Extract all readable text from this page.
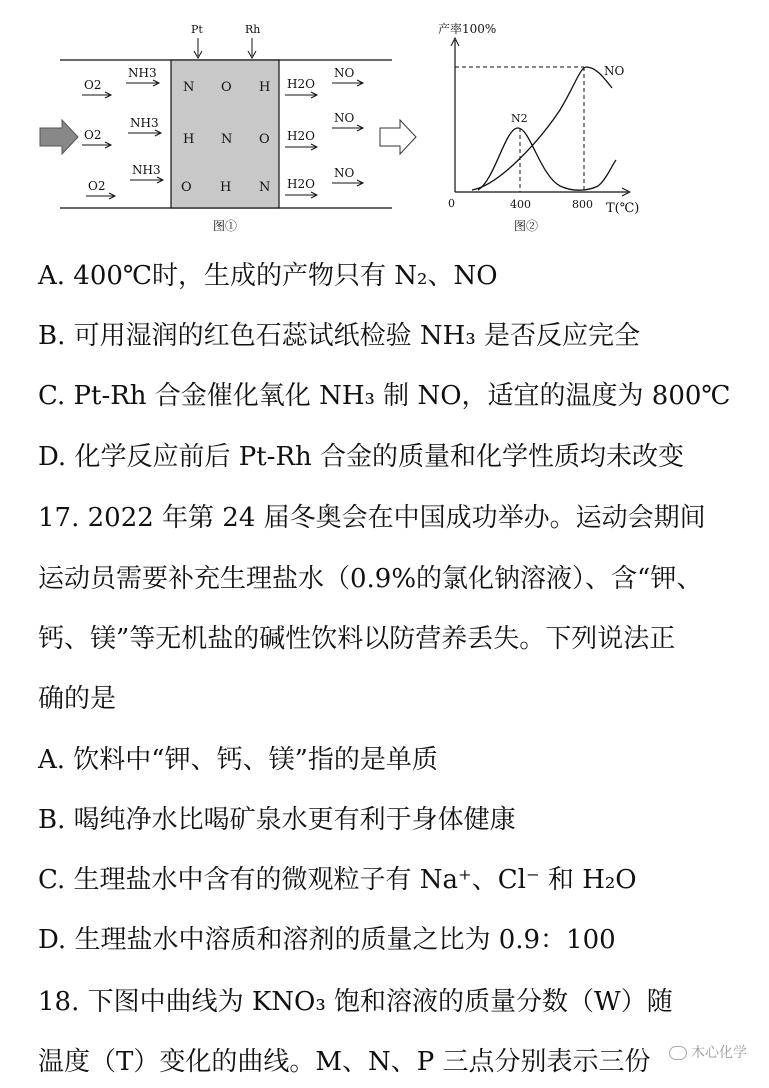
Pt	Rh
O2
NH3
O2
NH3
O2
NH3
N O H
H N O
O H N
H2O
NO
H2O
NO
H2O
NO
图①
产率100%
T(℃)
0	400	800
N2
NO
图②
A. 400℃时，生成的产物只有 N₂、NO
B. 可用湿润的红色石蕊试纸检验 NH₃ 是否反应完全
C. Pt-Rh 合金催化氧化 NH₃ 制 NO，适宜的温度为 800℃
D. 化学反应前后 Pt-Rh 合金的质量和化学性质均未改变
17. 2022 年第 24 届冬奥会在中国成功举办。运动会期间
运动员需要补充生理盐水（0.9%的氯化钠溶液）、含“钾、
钙、镁”等无机盐的碱性饮料以防营养丢失。下列说法正
确的是
A. 饮料中“钾、钙、镁”指的是单质
B. 喝纯净水比喝矿泉水更有利于身体健康
C. 生理盐水中含有的微观粒子有 Na⁺、Cl⁻ 和 H₂O
D. 生理盐水中溶质和溶剂的质量之比为 0.9：100
18. 下图中曲线为 KNO₃ 饱和溶液的质量分数（W）随
温度（T）变化的曲线。M、N、P 三点分别表示三份	木心化学
